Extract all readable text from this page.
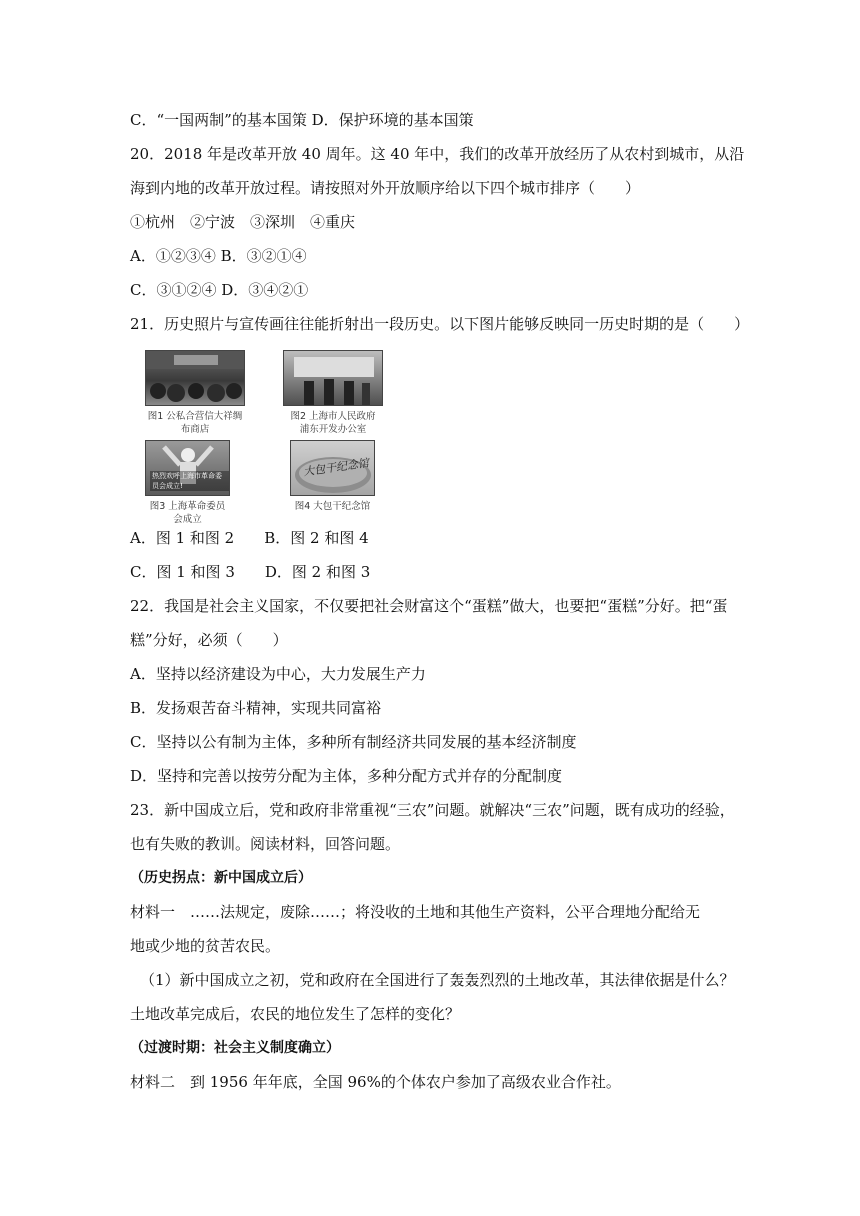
C．“一国两制”的基本国策 D．保护环境的基本国策
20．2018 年是改革开放 40 周年。这 40 年中，我们的改革开放经历了从农村到城市，从沿
海到内地的改革开放过程。请按照对外开放顺序给以下四个城市排序（　　）
①杭州　②宁波　③深圳　④重庆
A．①②③④ B．③②①④
C．③①②④ D．③④②①
21．历史照片与宣传画往往能折射出一段历史。以下图片能够反映同一历史时期的是（　　）
图1 公私合营信大祥绸布商店
图2 上海市人民政府
浦东开发办公室
热烈欢呼上海市革命委员会成立!
图3 上海革命委员会成立
大包干纪念馆
图4 大包干纪念馆
A．图 1 和图 2　　B．图 2 和图 4
C．图 1 和图 3　　D．图 2 和图 3
22．我国是社会主义国家，不仅要把社会财富这个“蛋糕”做大，也要把“蛋糕”分好。把“蛋
糕”分好，必须（　　）
A．坚持以经济建设为中心，大力发展生产力
B．发扬艰苦奋斗精神，实现共同富裕
C．坚持以公有制为主体，多种所有制经济共同发展的基本经济制度
D．坚持和完善以按劳分配为主体，多种分配方式并存的分配制度
23．新中国成立后，党和政府非常重视“三农”问题。就解决“三农”问题，既有成功的经验，
也有失败的教训。阅读材料，回答问题。
（历史拐点：新中国成立后）
材料一　……法规定，废除……；将没收的土地和其他生产资料，公平合理地分配给无
地或少地的贫苦农民。
（1）新中国成立之初，党和政府在全国进行了轰轰烈烈的土地改革，其法律依据是什么？
土地改革完成后，农民的地位发生了怎样的变化？
（过渡时期：社会主义制度确立）
材料二　到 1956 年年底，全国 96%的个体农户参加了高级农业合作社。
